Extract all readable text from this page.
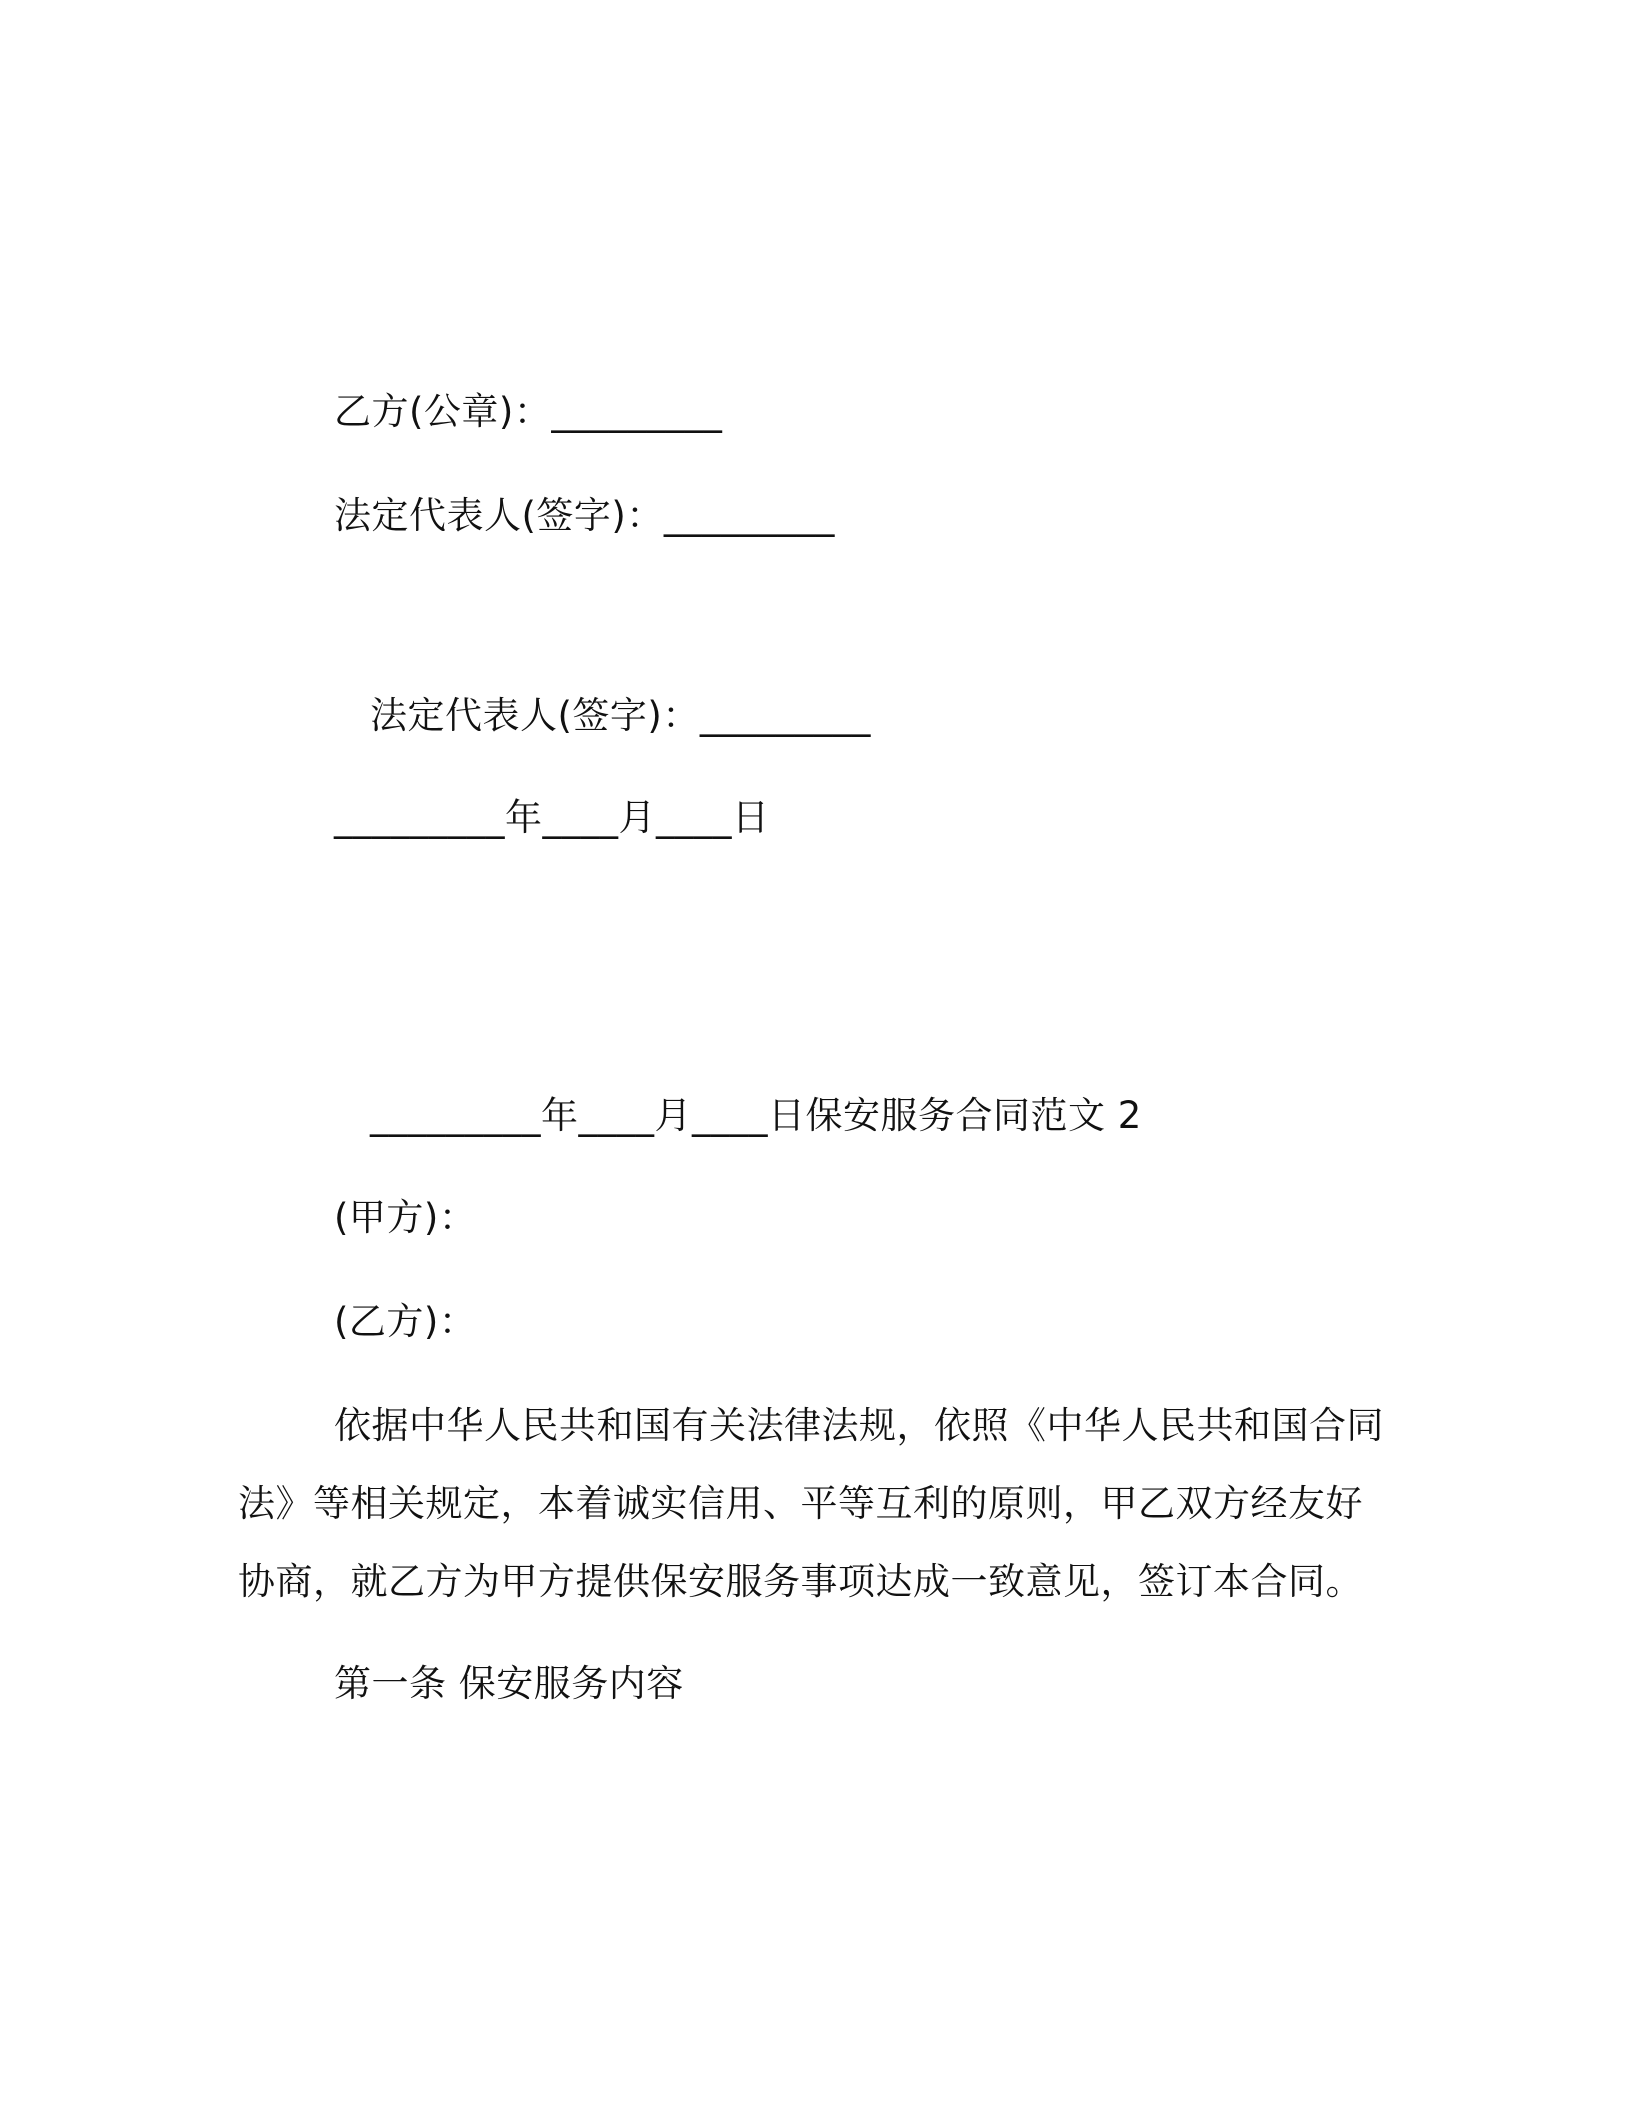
乙方(公章)：_________
法定代表人(签字)：_________
法定代表人(签字)：_________
_________年____月____日
_________年____月____日保安服务合同范文 2
(甲方)：
(乙方)：
依据中华人民共和国有关法律法规，依照《中华人民共和国合同
法》等相关规定，本着诚实信用、平等互利的原则，甲乙双方经友好
协商，就乙方为甲方提供保安服务事项达成一致意见，签订本合同。
第一条 保安服务内容
